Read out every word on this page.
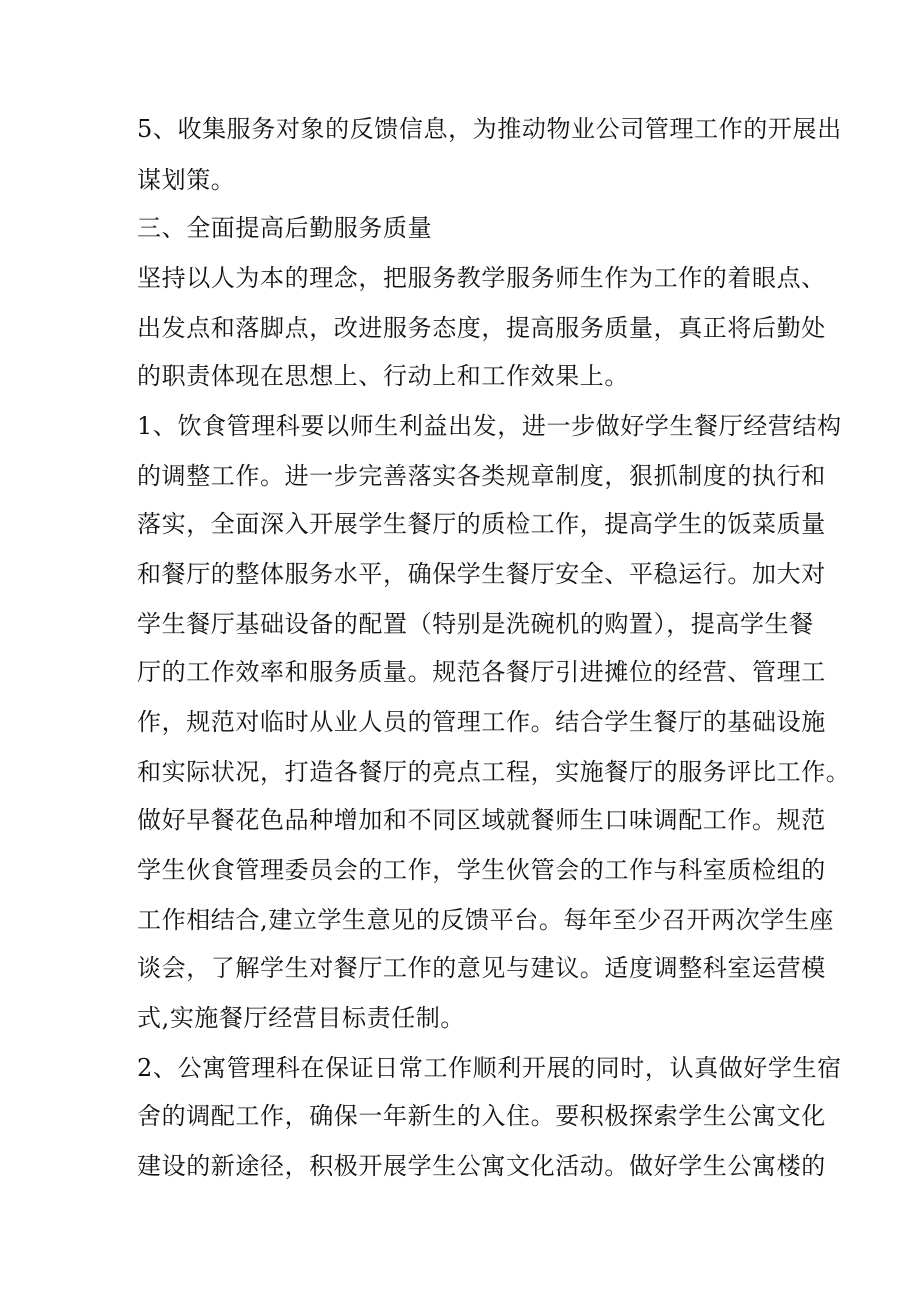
5、收集服务对象的反馈信息，为推动物业公司管理工作的开展出

谋划策。

三、全面提高后勤服务质量

坚持以人为本的理念，把服务教学服务师生作为工作的着眼点、

出发点和落脚点，改进服务态度，提高服务质量，真正将后勤处

的职责体现在思想上、行动上和工作效果上。

1、饮食管理科要以师生利益出发，进一步做好学生餐厅经营结构

的调整工作。进一步完善落实各类规章制度，狠抓制度的执行和

落实，全面深入开展学生餐厅的质检工作，提高学生的饭菜质量

和餐厅的整体服务水平，确保学生餐厅安全、平稳运行。加大对

学生餐厅基础设备的配置（特别是洗碗机的购置），提高学生餐

厅的工作效率和服务质量。规范各餐厅引进摊位的经营、管理工

作，规范对临时从业人员的管理工作。结合学生餐厅的基础设施

和实际状况，打造各餐厅的亮点工程，实施餐厅的服务评比工作。

做好早餐花色品种增加和不同区域就餐师生口味调配工作。规范

学生伙食管理委员会的工作，学生伙管会的工作与科室质检组的

工作相结合,建立学生意见的反馈平台。每年至少召开两次学生座

谈会，了解学生对餐厅工作的意见与建议。适度调整科室运营模

式,实施餐厅经营目标责任制。

2、公寓管理科在保证日常工作顺利开展的同时，认真做好学生宿

舍的调配工作，确保一年新生的入住。要积极探索学生公寓文化

建设的新途径，积极开展学生公寓文化活动。做好学生公寓楼的
